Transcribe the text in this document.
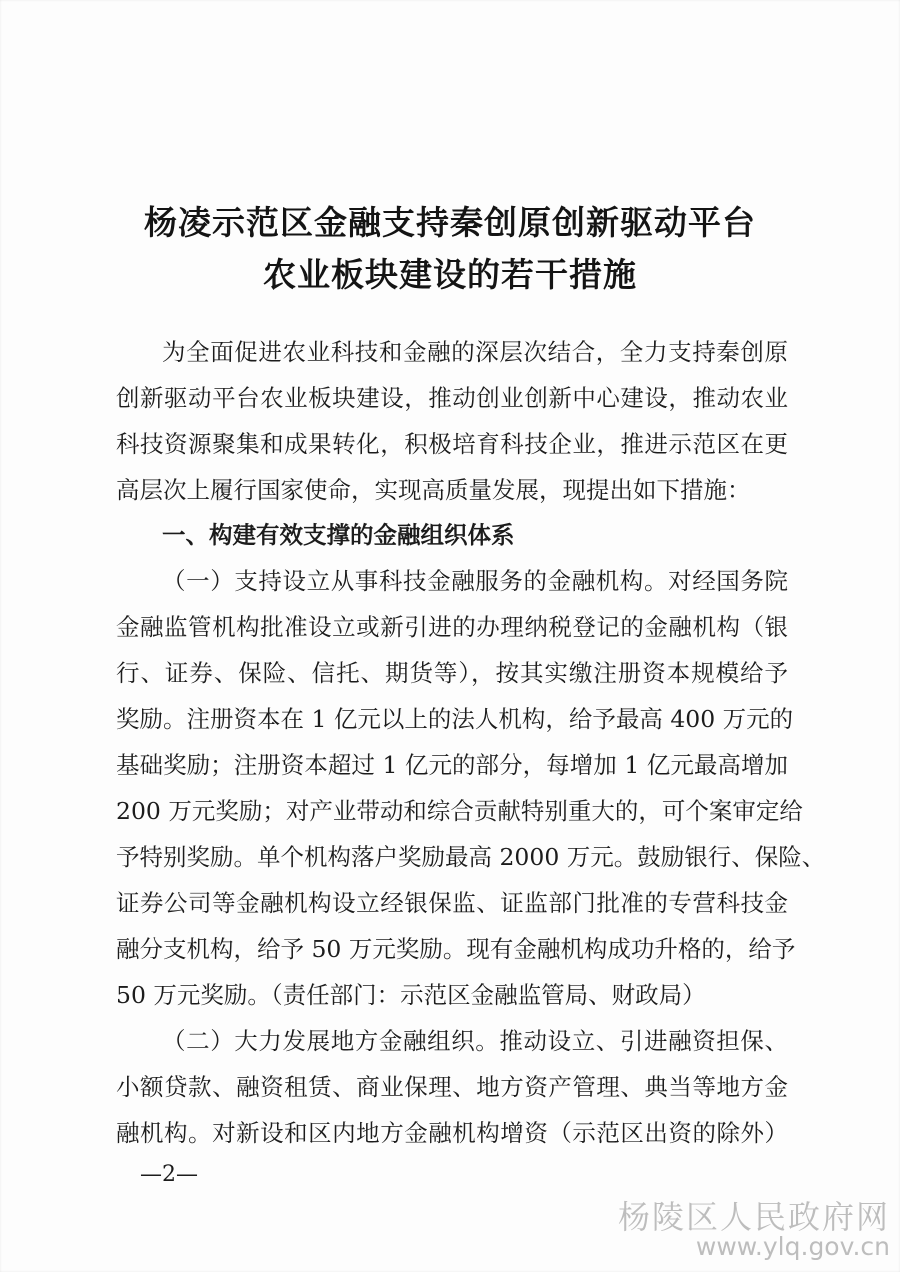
杨凌示范区金融支持秦创原创新驱动平台
农业板块建设的若干措施
为全面促进农业科技和金融的深层次结合，全力支持秦创原
创新驱动平台农业板块建设，推动创业创新中心建设，推动农业
科技资源聚集和成果转化，积极培育科技企业，推进示范区在更
高层次上履行国家使命，实现高质量发展，现提出如下措施：
一、构建有效支撑的金融组织体系
（一）支持设立从事科技金融服务的金融机构。对经国务院
金融监管机构批准设立或新引进的办理纳税登记的金融机构（银
行、证券、保险、信托、期货等），按其实缴注册资本规模给予
奖励。注册资本在 1 亿元以上的法人机构，给予最高 400 万元的
基础奖励；注册资本超过 1 亿元的部分，每增加 1 亿元最高增加
200 万元奖励；对产业带动和综合贡献特别重大的，可个案审定给
予特别奖励。单个机构落户奖励最高 2000 万元。鼓励银行、保险、
证券公司等金融机构设立经银保监、证监部门批准的专营科技金
融分支机构，给予 50 万元奖励。现有金融机构成功升格的，给予
50 万元奖励。（责任部门：示范区金融监管局、财政局）
（二）大力发展地方金融组织。推动设立、引进融资担保、
小额贷款、融资租赁、商业保理、地方资产管理、典当等地方金
融机构。对新设和区内地方金融机构增资（示范区出资的除外）
—2—
杨陵区人民政府网
www.ylq.gov.cn
